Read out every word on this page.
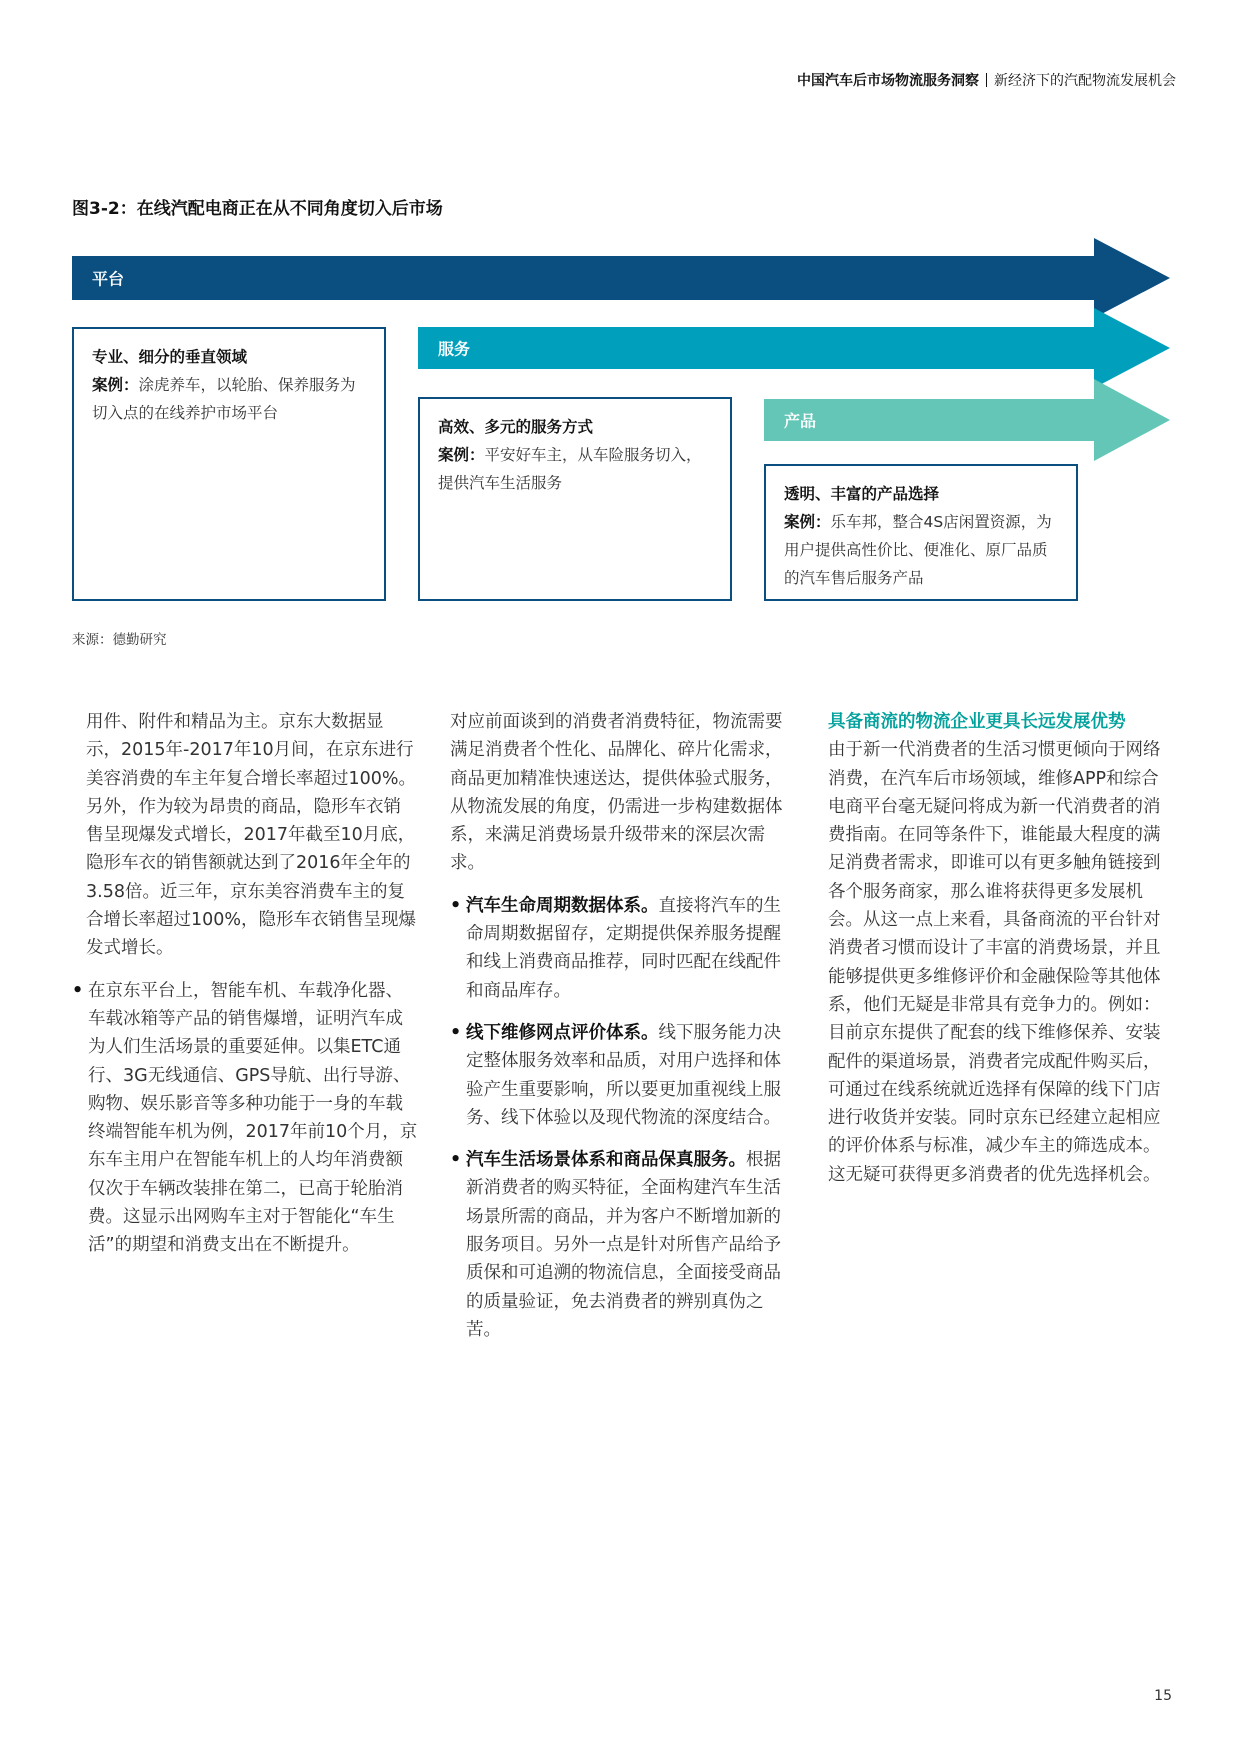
中国汽车后市场物流服务洞察 新经济下的汽配物流发展机会
图3-2：在线汽配电商正在从不同角度切入后市场
平台
服务
产品
专业、细分的垂直领域
案例：涂虎养车，以轮胎、保养服务为切入点的在线养护市场平台
高效、多元的服务方式
案例：平安好车主，从车险服务切入，提供汽车生活服务
透明、丰富的产品选择
案例：乐车邦，整合4S店闲置资源，为用户提供高性价比、便准化、原厂品质的汽车售后服务产品
来源：德勤研究

用件、附件和精品为主。京东大数据显示，2015年-2017年10月间，在京东进行美容消费的车主年复合增长率超过100%。另外，作为较为昂贵的商品，隐形车衣销售呈现爆发式增长，2017年截至10月底，隐形车衣的销售额就达到了2016年全年的3.58倍。近三年，京东美容消费车主的复合增长率超过100%，隐形车衣销售呈现爆发式增长。

• 在京东平台上，智能车机、车载净化器、车载冰箱等产品的销售爆增，证明汽车成为人们生活场景的重要延伸。以集ETC通行、3G无线通信、GPS导航、出行导游、购物、娱乐影音等多种功能于一身的车载终端智能车机为例，2017年前10个月，京东车主用户在智能车机上的人均年消费额仅次于车辆改装排在第二，已高于轮胎消费。这显示出网购车主对于智能化“车生活”的期望和消费支出在不断提升。

对应前面谈到的消费者消费特征，物流需要满足消费者个性化、品牌化、碎片化需求，商品更加精准快速送达，提供体验式服务，从物流发展的角度，仍需进一步构建数据体系，来满足消费场景升级带来的深层次需求。

• 汽车生命周期数据体系。直接将汽车的生命周期数据留存，定期提供保养服务提醒和线上消费商品推荐，同时匹配在线配件和商品库存。

• 线下维修网点评价体系。线下服务能力决定整体服务效率和品质，对用户选择和体验产生重要影响，所以要更加重视线上服务、线下体验以及现代物流的深度结合。

• 汽车生活场景体系和商品保真服务。根据新消费者的购买特征，全面构建汽车生活场景所需的商品，并为客户不断增加新的服务项目。另外一点是针对所售产品给予质保和可追溯的物流信息，全面接受商品的质量验证，免去消费者的辨别真伪之苦。

具备商流的物流企业更具长远发展优势

由于新一代消费者的生活习惯更倾向于网络消费，在汽车后市场领域，维修APP和综合电商平台毫无疑问将成为新一代消费者的消费指南。在同等条件下，谁能最大程度的满足消费者需求，即谁可以有更多触角链接到各个服务商家，那么谁将获得更多发展机会。从这一点上来看，具备商流的平台针对消费者习惯而设计了丰富的消费场景，并且能够提供更多维修评价和金融保险等其他体系，他们无疑是非常具有竞争力的。例如：目前京东提供了配套的线下维修保养、安装配件的渠道场景，消费者完成配件购买后，可通过在线系统就近选择有保障的线下门店进行收货并安装。同时京东已经建立起相应的评价体系与标准，减少车主的筛选成本。这无疑可获得更多消费者的优先选择机会。

15
